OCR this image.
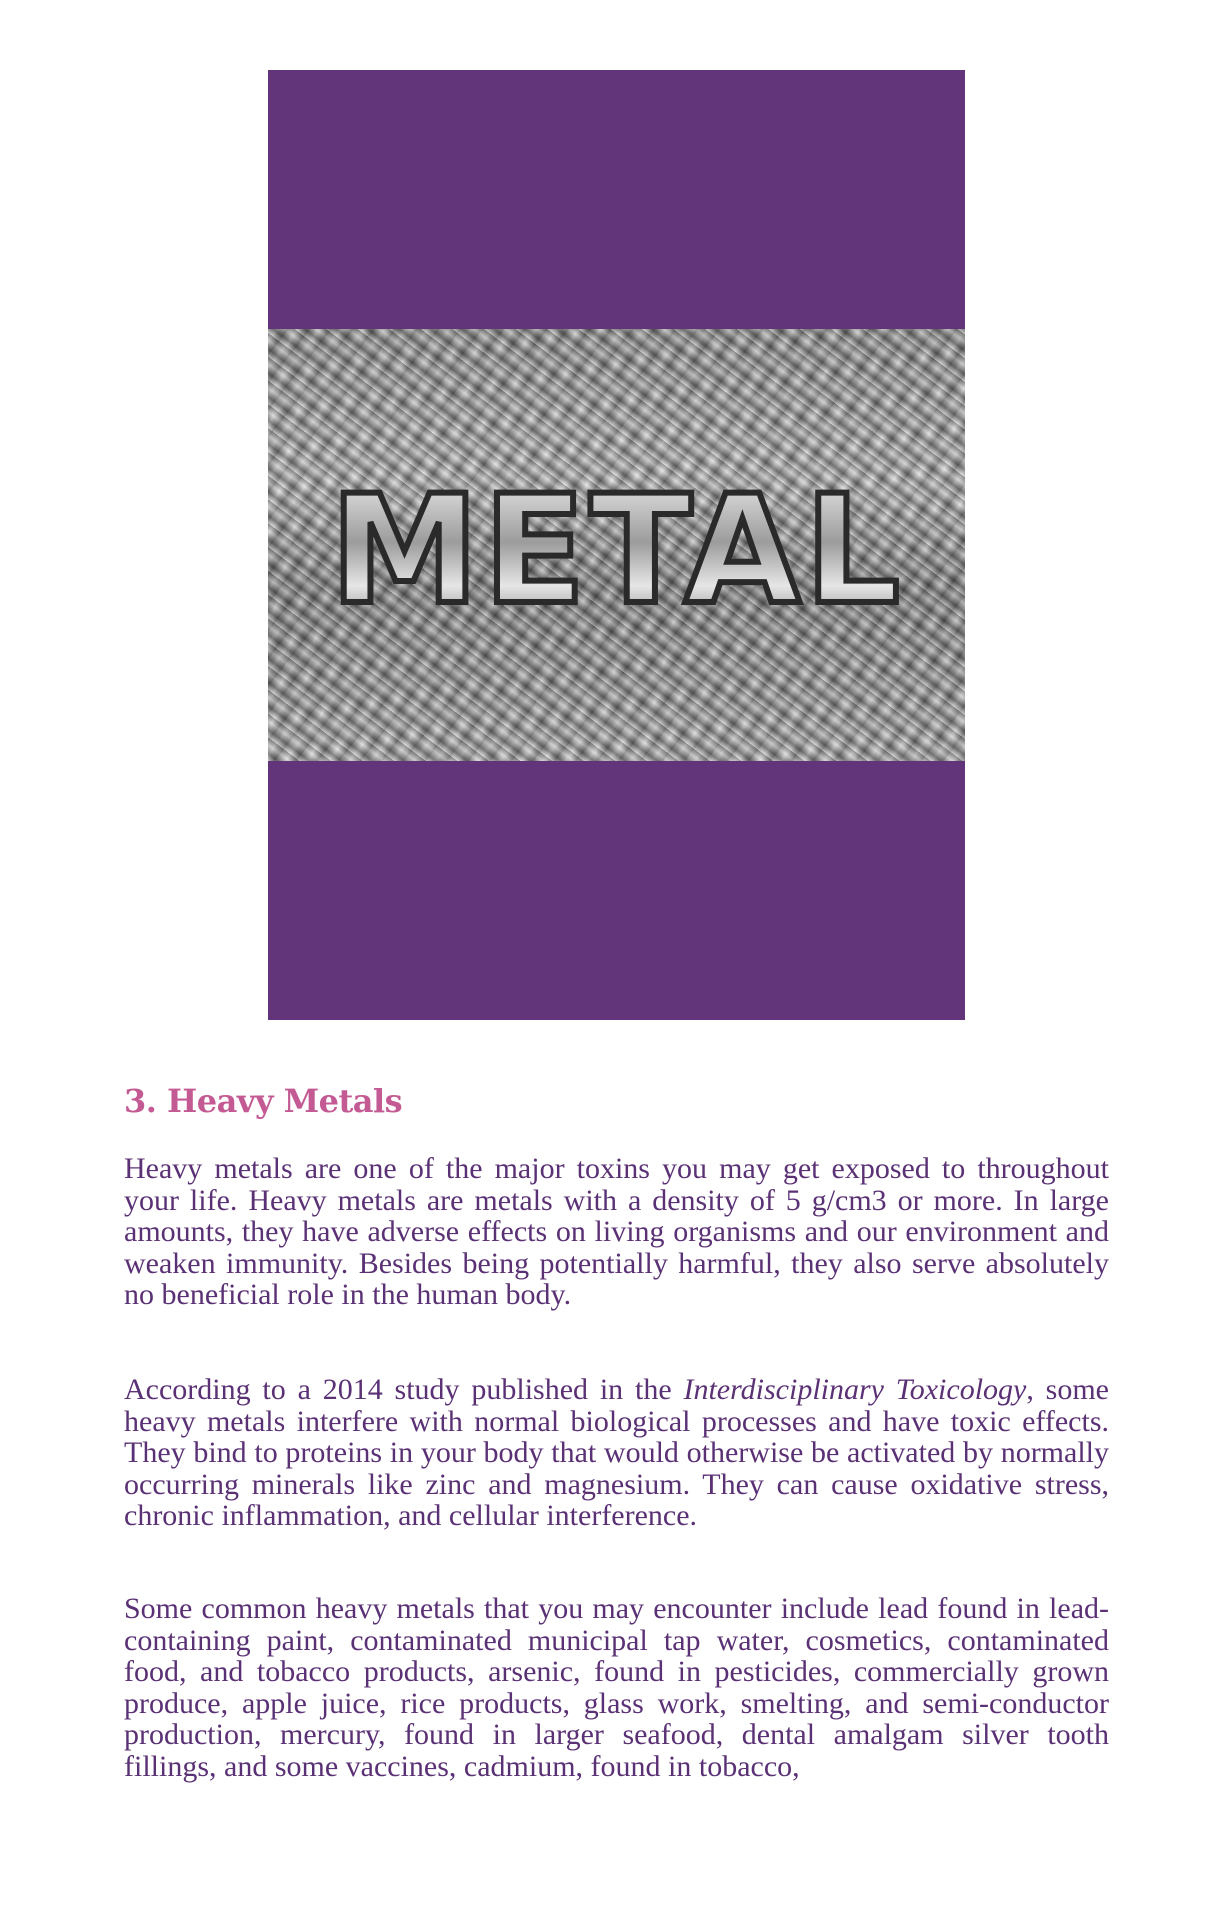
METAL
3. Heavy Metals

Heavy metals are one of the major toxins you may get exposed to throughout your life. Heavy metals are metals with a density of 5 g/cm3 or more. In large amounts, they have adverse effects on living organisms and our environment and weaken immunity. Besides being potentially harmful, they also serve absolutely no beneficial role in the human body.

According to a 2014 study published in the Interdisciplinary Toxicology, some heavy metals interfere with normal biological processes and have toxic effects. They bind to proteins in your body that would otherwise be activated by normally occurring minerals like zinc and magnesium. They can cause oxidative stress, chronic inflammation, and cellular interference.

Some common heavy metals that you may encounter include lead found in lead-containing paint, contaminated municipal tap water, cosmetics, contaminated food, and tobacco products, arsenic, found in pesticides, commercially grown produce, apple juice, rice products, glass work, smelting, and semi-conductor production, mercury, found in larger seafood, dental amalgam silver tooth fillings, and some vaccines, cadmium, found in tobacco,
